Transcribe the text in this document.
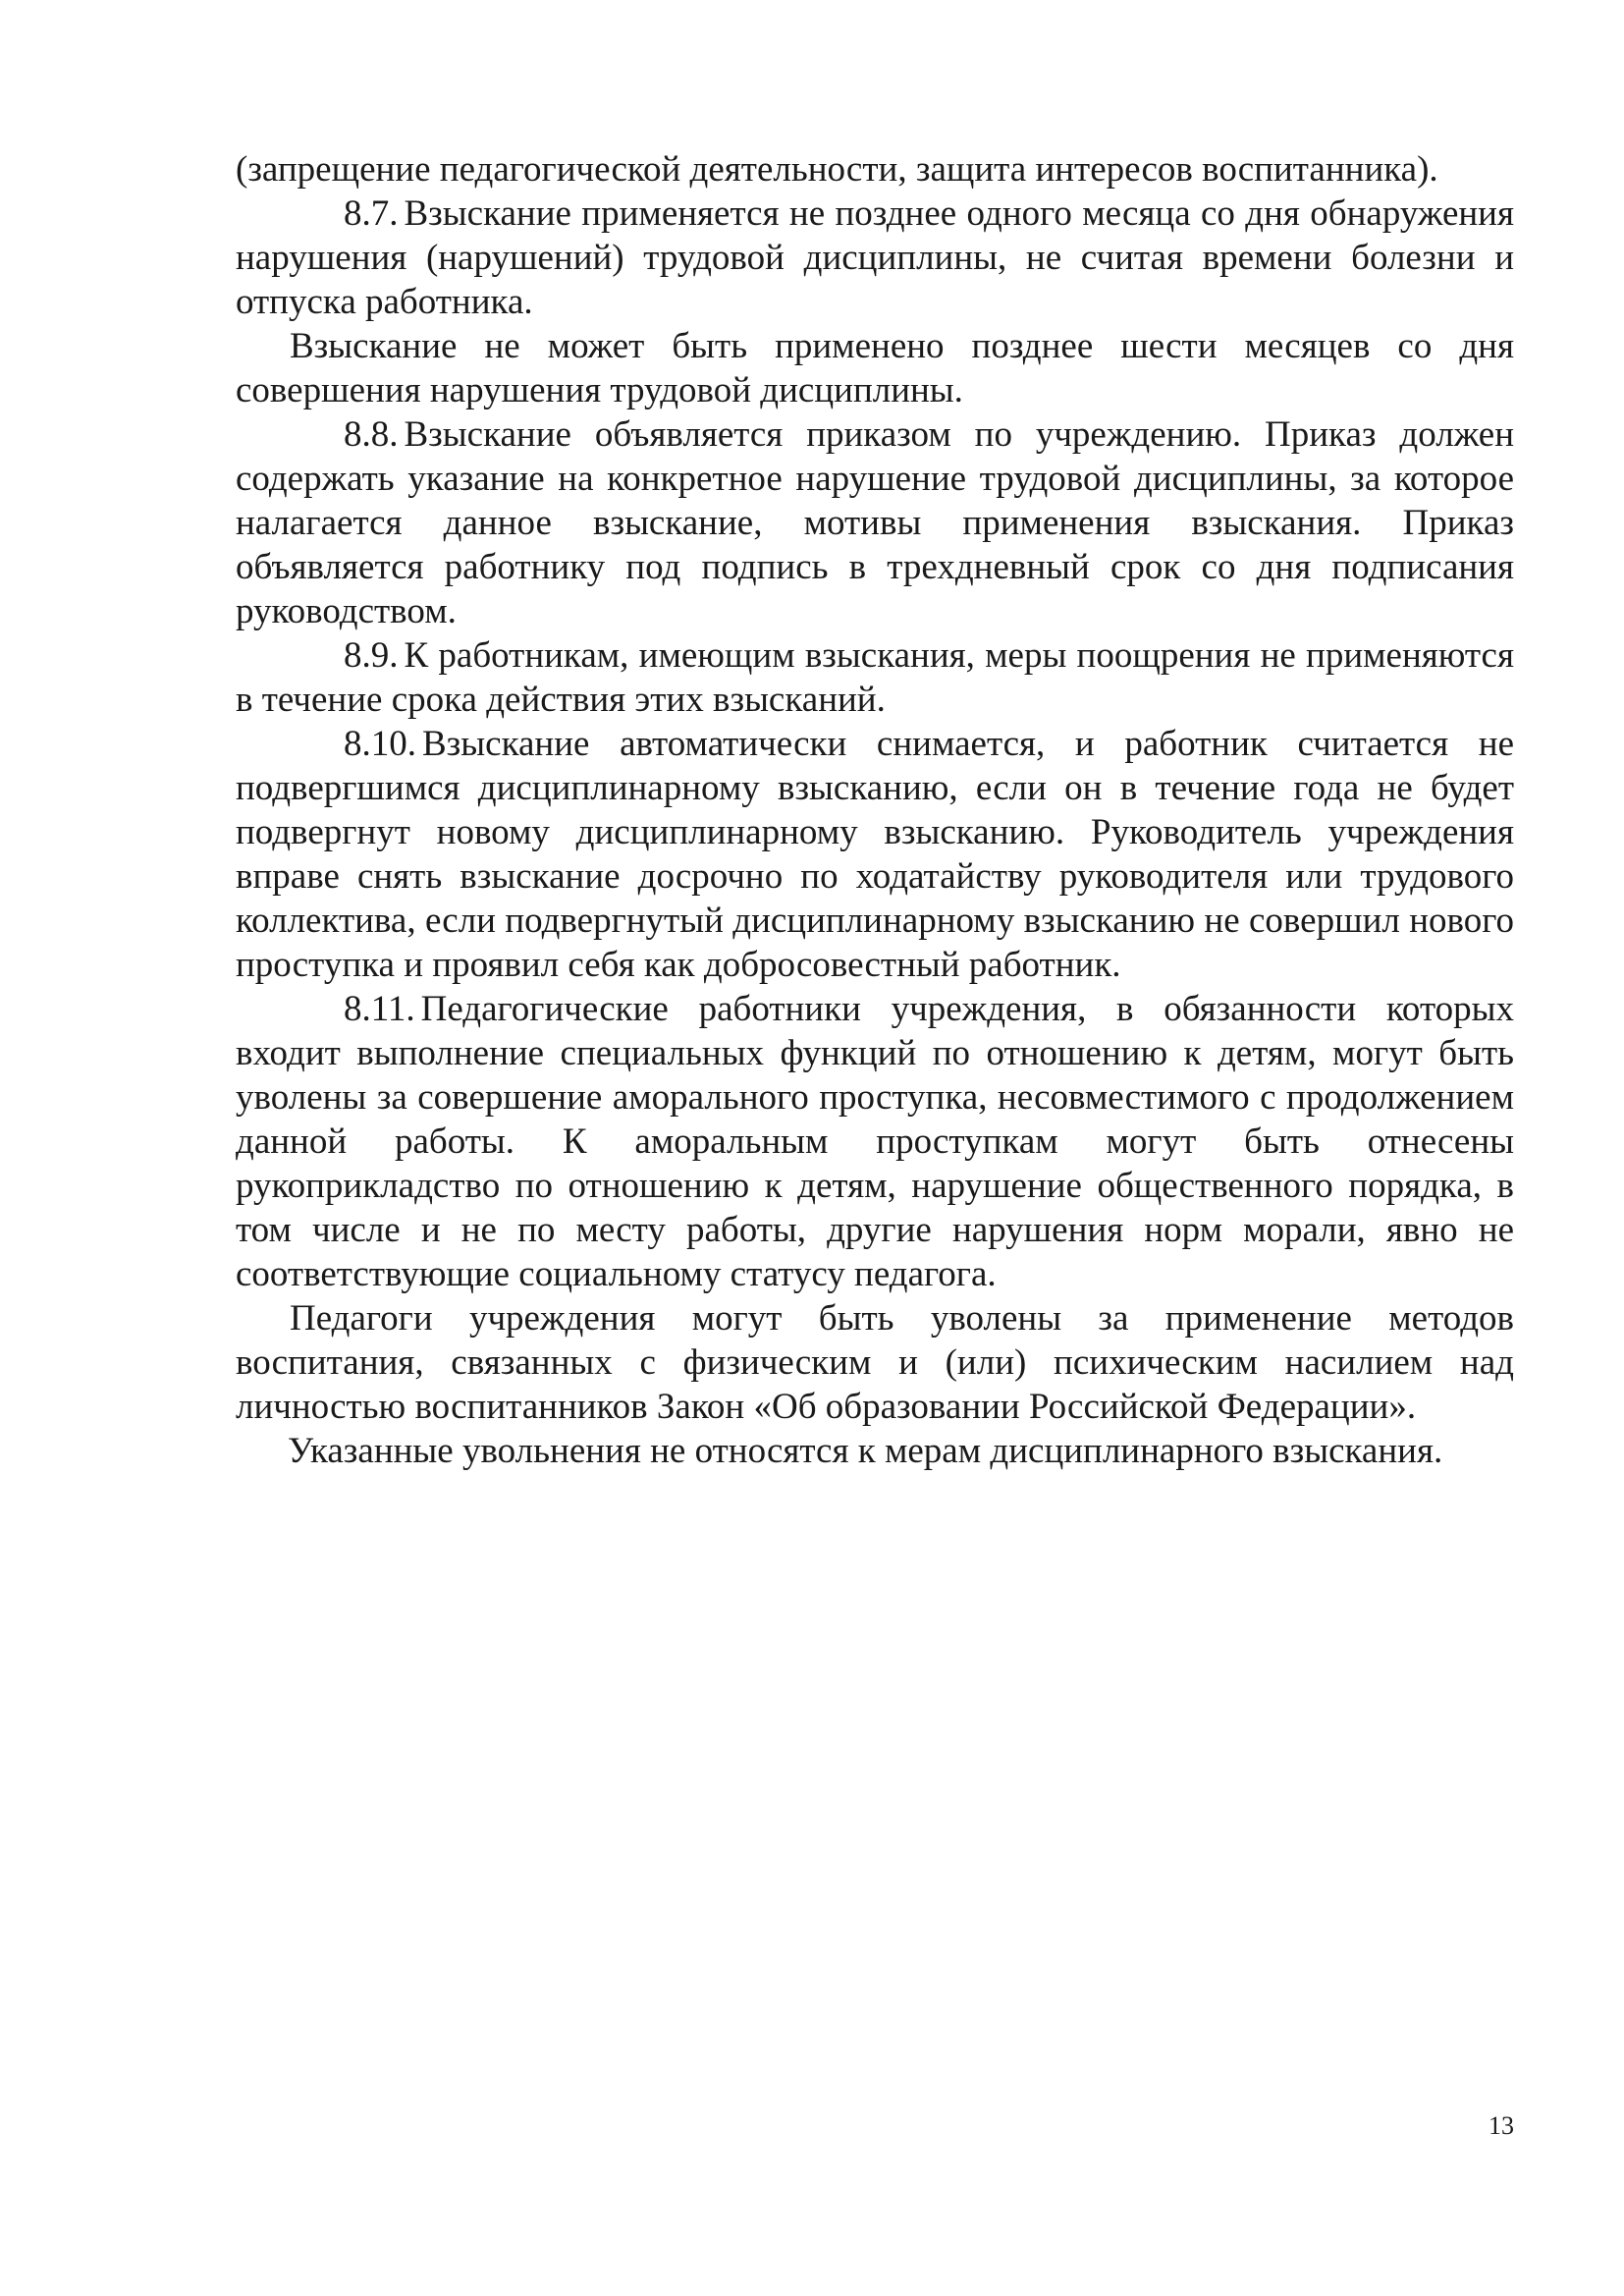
(запрещение педагогической деятельности, защита интересов воспитанника).

8.7. Взыскание применяется не позднее одного месяца со дня обнаружения нарушения (нарушений) трудовой дисциплины, не считая времени болезни и отпуска работника.

Взыскание не может быть применено позднее шести месяцев со дня совершения нарушения трудовой дисциплины.

8.8. Взыскание объявляется приказом по учреждению. Приказ должен содержать указание на конкретное нарушение трудовой дисциплины, за которое налагается данное взыскание, мотивы применения взыскания. Приказ объявляется работнику под подпись в трехдневный срок со дня подписания руководством.

8.9. К работникам, имеющим взыскания, меры поощрения не применяются в течение срока действия этих взысканий.

8.10. Взыскание автоматически снимается, и работник считается не подвергшимся дисциплинарному взысканию, если он в течение года не будет подвергнут новому дисциплинарному взысканию. Руководитель учреждения вправе снять взыскание досрочно по ходатайству руководителя или трудового коллектива, если подвергнутый дисциплинарному взысканию не совершил нового проступка и проявил себя как добросовестный работник.

8.11. Педагогические работники учреждения, в обязанности которых входит выполнение специальных функций по отношению к детям, могут быть уволены за совершение аморального проступка, несовместимого с продолжением данной работы. К аморальным проступкам могут быть отнесены рукоприкладство по отношению к детям, нарушение общественного порядка, в том числе и не по месту работы, другие нарушения норм морали, явно не соответствующие социальному статусу педагога.

Педагоги учреждения могут быть уволены за применение методов воспитания, связанных с физическим и (или) психическим насилием над личностью воспитанников Закон «Об образовании Российской Федерации».

Указанные увольнения не относятся к мерам дисциплинарного взыскания.

13
